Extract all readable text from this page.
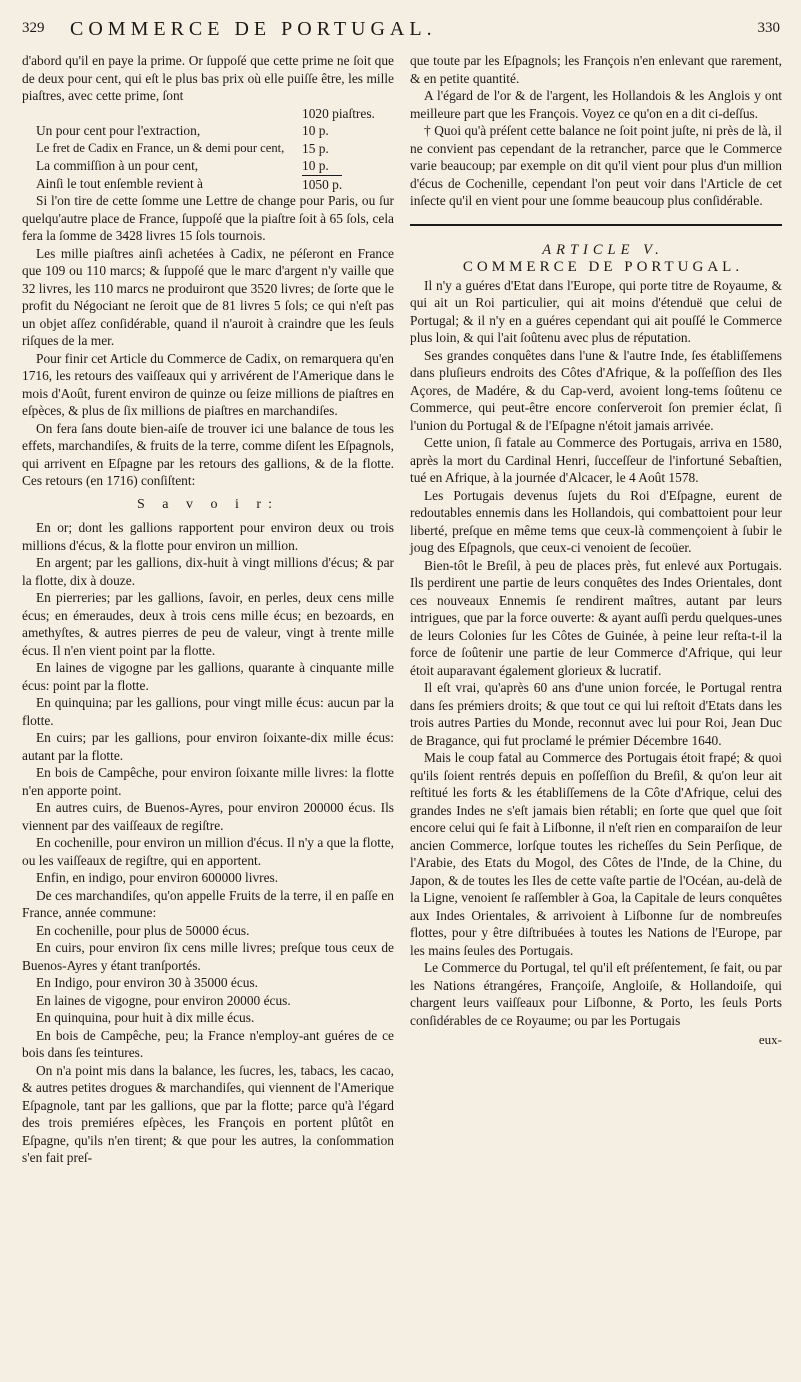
329 COMMERCE DE PORTUGAL.	330

d'abord qu'il en paye la prime. Or ſuppoſé que cette prime ne ſoit que de deux pour cent, qui eſt le plus bas prix où elle puiſſe être, les mille piaſtres, avec cette prime, ſont

1020 piaſtres.
Un pour cent pour l'extraction,	10 p.
Le fret de Cadix en France, un & demi pour cent,	15 p.
La commiſſion à un pour cent,	10 p.
Ainſi le tout enſemble revient à	1050 p.

Si l'on tire de cette ſomme une Lettre de change pour Paris, ou ſur quelqu'autre place de France, ſuppoſé que la piaſtre ſoit à 65 ſols, cela fera la ſomme de 3428 livres 15 ſols tournois.

Les mille piaſtres ainſi achetées à Cadix, ne péſeront en France que 109 ou 110 marcs; & ſuppoſé que le marc d'argent n'y vaille que 32 livres, les 110 marcs ne produiront que 3520 livres; de ſorte que le profit du Négociant ne ſeroit que de 81 livres 5 ſols; ce qui n'eſt pas un objet aſſez conſidérable, quand il n'auroit à craindre que les ſeuls riſques de la mer.

Pour finir cet Article du Commerce de Cadix, on remarquera qu'en 1716, les retours des vaiſſeaux qui y arrivérent de l'Amerique dans le mois d'Août, furent environ de quinze ou ſeize millions de piaſtres en eſpèces, & plus de ſix millions de piaſtres en marchandiſes.

On fera ſans doute bien-aiſe de trouver ici une balance de tous les effets, marchandiſes, & fruits de la terre, comme diſent les Eſpagnols, qui arrivent en Eſpagne par les retours des gallions, & de la flotte. Ces retours (en 1716) conſiſtent:

S a v o i r:

En or; dont les gallions rapportent pour environ deux ou trois millions d'écus, & la flotte pour environ un million.

En argent; par les gallions, dix-huit à vingt millions d'écus; & par la flotte, dix à douze.

En pierreries; par les gallions, ſavoir, en perles, deux cens mille écus; en émeraudes, deux à trois cens mille écus; en bezoards, en amethyſtes, & autres pierres de peu de valeur, vingt à trente mille écus. Il n'en vient point par la flotte.

En laines de vigogne par les gallions, quarante à cinquante mille écus: point par la flotte.

En quinquina; par les gallions, pour vingt mille écus: aucun par la flotte.

En cuirs; par les gallions, pour environ ſoixante-dix mille écus: autant par la flotte.

En bois de Campêche, pour environ ſoixante mille livres: la flotte n'en apporte point.

En autres cuirs, de Buenos-Ayres, pour environ 200000 écus. Ils viennent par des vaiſſeaux de regiſtre.

En cochenille, pour environ un million d'écus. Il n'y a que la flotte, ou les vaiſſeaux de regiſtre, qui en apportent.

Enfin, en indigo, pour environ 600000 livres.

De ces marchandiſes, qu'on appelle Fruits de la terre, il en paſſe en France, année commune:

En cochenille, pour plus de 50000 écus.

En cuirs, pour environ ſix cens mille livres; preſque tous ceux de Buenos-Ayres y étant tranſportés.

En Indigo, pour environ 30 à 35000 écus.

En laines de vigogne, pour environ 20000 écus.

En quinquina, pour huit à dix mille écus.

En bois de Campêche, peu; la France n'employ-ant guéres de ce bois dans ſes teintures.

On n'a point mis dans la balance, les ſucres, les, tabacs, les cacao, & autres petites drogues & marchandiſes, qui viennent de l'Amerique Eſpagnole, tant par les gallions, que par la flotte; parce qu'à l'égard des trois premiéres eſpèces, les François en portent plûtôt en Eſpagne, qu'ils n'en tirent; & que pour les autres, la conſommation s'en fait preſ-

que toute par les Eſpagnols; les François n'en enlevant que rarement, & en petite quantité.

A l'égard de l'or & de l'argent, les Hollandois & les Anglois y ont meilleure part que les François. Voyez ce qu'on en a dit ci-deſſus.

† Quoi qu'à préſent cette balance ne ſoit point juſte, ni près de là, il ne convient pas cependant de la retrancher, parce que le Commerce varie beaucoup; par exemple on dit qu'il vient pour plus d'un million d'écus de Cochenille, cependant l'on peut voir dans l'Article de cet inſecte qu'il en vient pour une ſomme beaucoup plus conſidérable.

ARTICLE V.

COMMERCE DE PORTUGAL.

Il n'y a guéres d'Etat dans l'Europe, qui porte titre de Royaume, & qui ait un Roi particulier, qui ait moins d'étenduë que celui de Portugal; & il n'y en a guéres cependant qui ait pouſſé le Commerce plus loin, & qui l'ait ſoûtenu avec plus de réputation.

Ses grandes conquêtes dans l'une & l'autre Inde, ſes établiſſemens dans pluſieurs endroits des Côtes d'Afrique, & la poſſeſſion des Iles Açores, de Madére, & du Cap-verd, avoient long-tems ſoûtenu ce Commerce, qui peut-être encore conſerveroit ſon premier éclat, ſi l'union du Portugal & de l'Eſpagne n'étoit jamais arrivée.

Cette union, ſi fatale au Commerce des Portugais, arriva en 1580, après la mort du Cardinal Henri, ſucceſſeur de l'infortuné Sebaſtien, tué en Afrique, à la journée d'Alcacer, le 4 Août 1578.

Les Portugais devenus ſujets du Roi d'Eſpagne, eurent de redoutables ennemis dans les Hollandois, qui combattoient pour leur liberté, preſque en même tems que ceux-là commençoient à ſubir le joug des Eſpagnols, que ceux-ci venoient de ſecoüer.

Bien-tôt le Breſil, à peu de places près, fut enlevé aux Portugais. Ils perdirent une partie de leurs conquêtes des Indes Orientales, dont ces nouveaux Ennemis ſe rendirent maîtres, autant par leurs intrigues, que par la force ouverte: & ayant auſſi perdu quelques-unes de leurs Colonies ſur les Côtes de Guinée, à peine leur reſta-t-il la force de ſoûtenir une partie de leur Commerce d'Afrique, qui leur étoit auparavant également glorieux & lucratif.

Il eſt vrai, qu'après 60 ans d'une union forcée, le Portugal rentra dans ſes prémiers droits; & que tout ce qui lui reſtoit d'Etats dans les trois autres Parties du Monde, reconnut avec lui pour Roi, Jean Duc de Bragance, qui fut proclamé le prémier Décembre 1640.

Mais le coup fatal au Commerce des Portugais étoit frapé; & quoi qu'ils ſoient rentrés depuis en poſſeſſion du Breſil, & qu'on leur ait reſtitué les forts & les établiſſemens de la Côte d'Afrique, celui des grandes Indes ne s'eſt jamais bien rétabli; en ſorte que quel que ſoit encore celui qui ſe fait à Liſbonne, il n'eſt rien en comparaiſon de leur ancien Commerce, lorſque toutes les richeſſes du Sein Perſique, de l'Arabie, des Etats du Mogol, des Côtes de l'Inde, de la Chine, du Japon, & de toutes les Iles de cette vaſte partie de l'Océan, au-delà de la Ligne, venoient ſe raſſembler à Goa, la Capitale de leurs conquêtes aux Indes Orientales, & arrivoient à Liſbonne ſur de nombreuſes flottes, pour y être diſtribuées à toutes les Nations de l'Europe, par les mains ſeules des Portugais.

Le Commerce du Portugal, tel qu'il eſt préſentement, ſe fait, ou par les Nations étrangéres, Françoiſe, Angloiſe, & Hollandoiſe, qui chargent leurs vaiſſeaux pour Liſbonne, & Porto, les ſeuls Ports conſidérables de ce Royaume; ou par les Portugais

eux-
